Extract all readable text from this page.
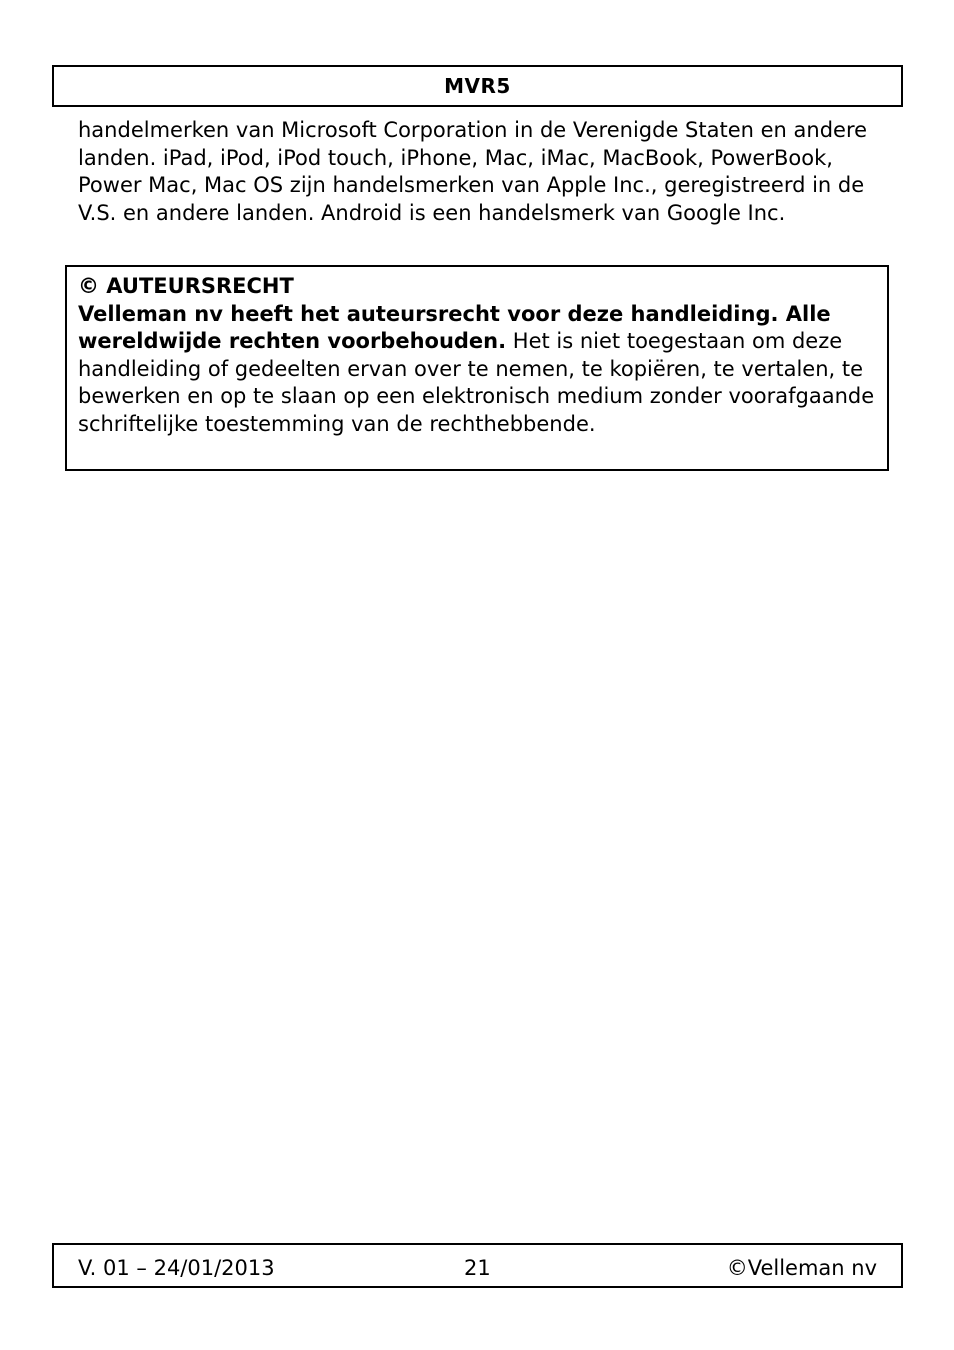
MVR5

handelmerken van Microsoft Corporation in de Verenigde Staten en andere landen. iPad, iPod, iPod touch, iPhone, Mac, iMac, MacBook, PowerBook, Power Mac, Mac OS zijn handelsmerken van Apple Inc., geregistreerd in de V.S. en andere landen. Android is een handelsmerk van Google Inc.

© AUTEURSRECHT
Velleman nv heeft het auteursrecht voor deze handleiding. Alle wereldwijde rechten voorbehouden. Het is niet toegestaan om deze handleiding of gedeelten ervan over te nemen, te kopiëren, te vertalen, te bewerken en op te slaan op een elektronisch medium zonder voorafgaande schriftelijke toestemming van de rechthebbende.

V. 01 – 24/01/2013	21	©Velleman nv
